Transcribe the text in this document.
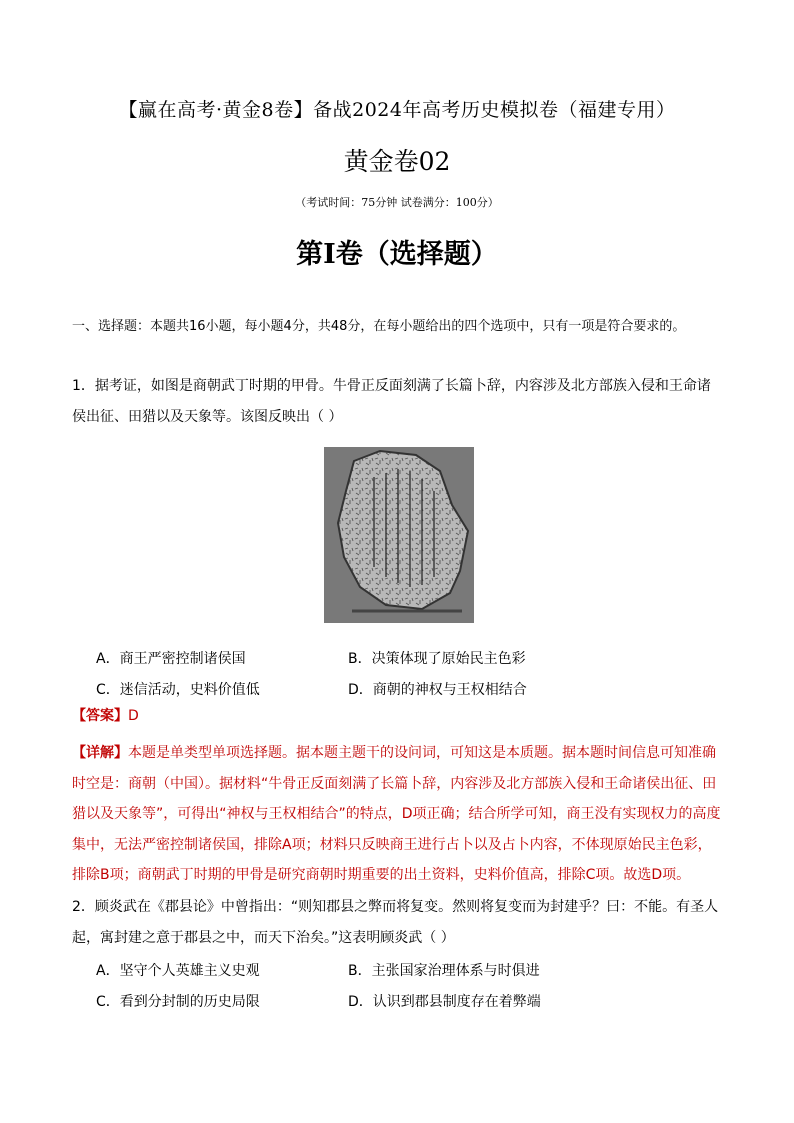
【赢在高考·黄金8卷】备战2024年高考历史模拟卷（福建专用）
黄金卷02
（考试时间：75分钟 试卷满分：100分）
第I卷（选择题）
一、选择题：本题共16小题，每小题4分，共48分，在每小题给出的四个选项中，只有一项是符合要求的。
1．据考证，如图是商朝武丁时期的甲骨。牛骨正反面刻满了长篇卜辞，内容涉及北方部族入侵和王命诸侯出征、田猎以及天象等。该图反映出（ ）
A．商王严密控制诸侯国	B．决策体现了原始民主色彩
C．迷信活动，史料价值低	D．商朝的神权与王权相结合
【答案】D
【详解】本题是单类型单项选择题。据本题主题干的设问词，可知这是本质题。据本题时间信息可知准确时空是：商朝（中国）。据材料“牛骨正反面刻满了长篇卜辞，内容涉及北方部族入侵和王命诸侯出征、田猎以及天象等”，可得出“神权与王权相结合”的特点，D项正确；结合所学可知，商王没有实现权力的高度集中，无法严密控制诸侯国，排除A项；材料只反映商王进行占卜以及占卜内容，不体现原始民主色彩，排除B项；商朝武丁时期的甲骨是研究商朝时期重要的出土资料，史料价值高，排除C项。故选D项。
2．顾炎武在《郡县论》中曾指出：“则知郡县之弊而将复变。然则将复变而为封建乎？曰：不能。有圣人起，寓封建之意于郡县之中，而天下治矣。”这表明顾炎武（ ）
A．坚守个人英雄主义史观	B．主张国家治理体系与时俱进
C．看到分封制的历史局限	D．认识到郡县制度存在着弊端
